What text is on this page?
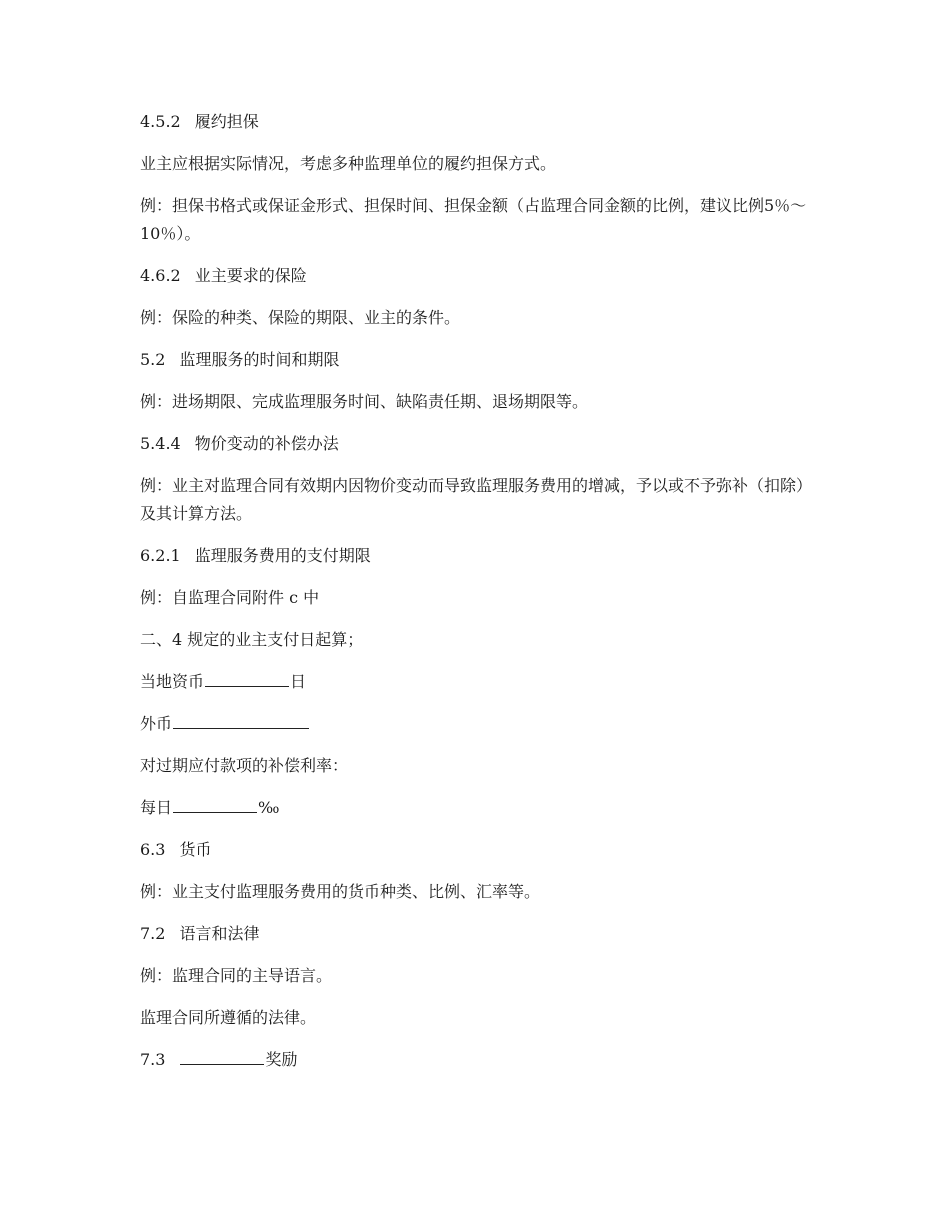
4.5.2 履约担保
业主应根据实际情况，考虑多种监理单位的履约担保方式。
例：担保书格式或保证金形式、担保时间、担保金额（占监理合同金额的比例，建议比例5％～10％）。
4.6.2 业主要求的保险
例：保险的种类、保险的期限、业主的条件。
5.2 监理服务的时间和期限
例：进场期限、完成监理服务时间、缺陷责任期、退场期限等。
5.4.4 物价变动的补偿办法
例：业主对监理合同有效期内因物价变动而导致监理服务费用的增减，予以或不予弥补（扣除）及其计算方法。
6.2.1 监理服务费用的支付期限
例：自监理合同附件 c 中
二、4 规定的业主支付日起算；
当地资币	日
外币
对过期应付款项的补偿利率：
每日	‰
6.3 货币
例：业主支付监理服务费用的货币种类、比例、汇率等。
7.2 语言和法律
例：监理合同的主导语言。
监理合同所遵循的法律。
7.3	奖励
